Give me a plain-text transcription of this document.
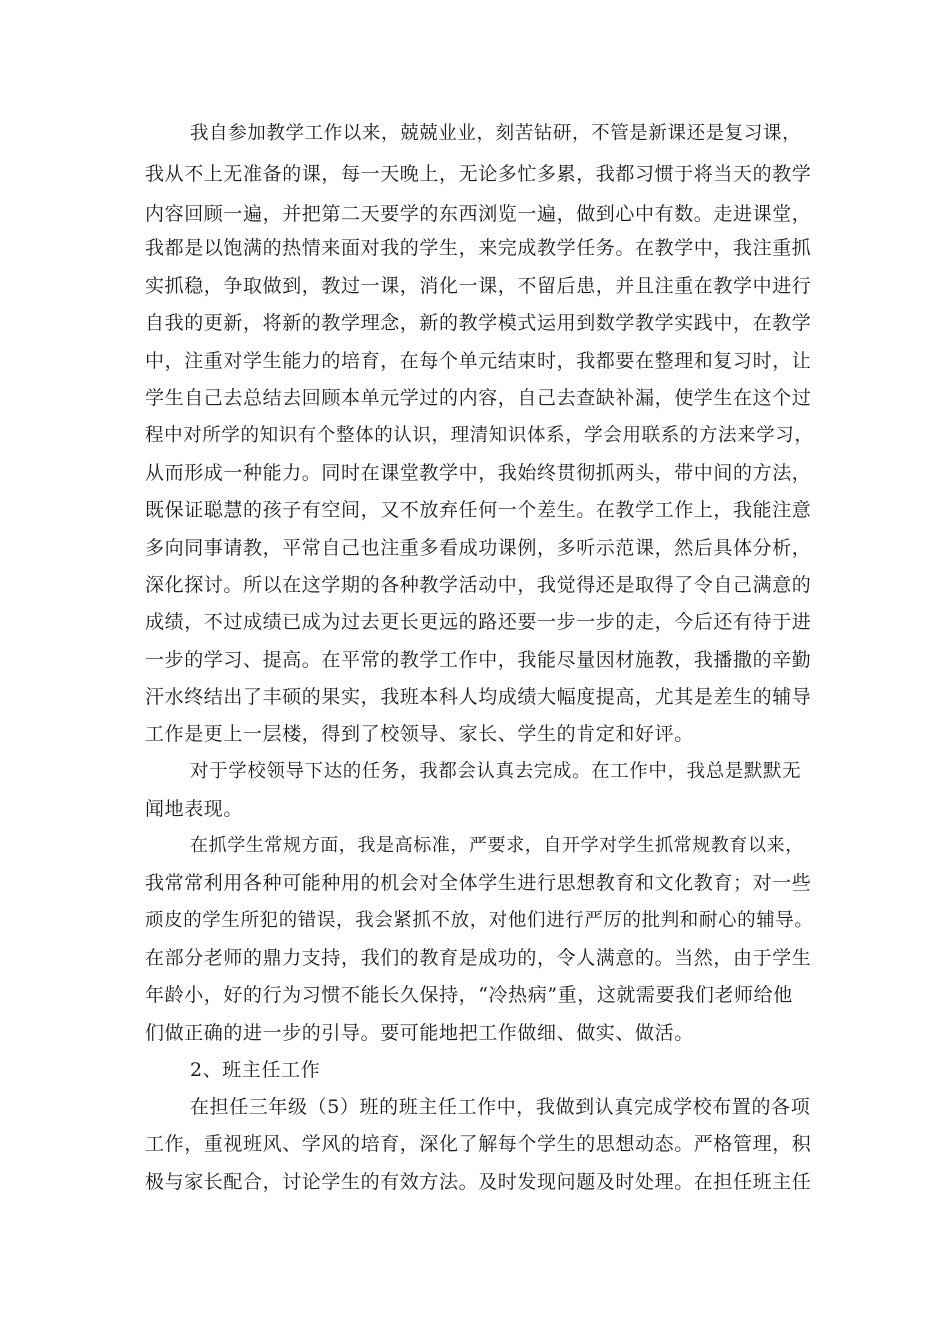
我自参加教学工作以来，兢兢业业，刻苦钻研，不管是新课还是复习课，
我从不上无准备的课，每一天晚上，无论多忙多累，我都习惯于将当天的教学
内容回顾一遍，并把第二天要学的东西浏览一遍，做到心中有数。走进课堂，
我都是以饱满的热情来面对我的学生，来完成教学任务。在教学中，我注重抓
实抓稳，争取做到，教过一课，消化一课，不留后患，并且注重在教学中进行
自我的更新，将新的教学理念，新的教学模式运用到数学教学实践中，在教学
中，注重对学生能力的培育，在每个单元结束时，我都要在整理和复习时，让
学生自己去总结去回顾本单元学过的内容，自己去查缺补漏，使学生在这个过
程中对所学的知识有个整体的认识，理清知识体系，学会用联系的方法来学习，
从而形成一种能力。同时在课堂教学中，我始终贯彻抓两头，带中间的方法，
既保证聪慧的孩子有空间，又不放弃任何一个差生。在教学工作上，我能注意
多向同事请教，平常自己也注重多看成功课例，多听示范课，然后具体分析，
深化探讨。所以在这学期的各种教学活动中，我觉得还是取得了令自己满意的
成绩，不过成绩已成为过去更长更远的路还要一步一步的走，今后还有待于进
一步的学习、提高。在平常的教学工作中，我能尽量因材施教，我播撒的辛勤
汗水终结出了丰硕的果实，我班本科人均成绩大幅度提高，尤其是差生的辅导
工作是更上一层楼，得到了校领导、家长、学生的肯定和好评。
对于学校领导下达的任务，我都会认真去完成。在工作中，我总是默默无
闻地表现。
在抓学生常规方面，我是高标准，严要求，自开学对学生抓常规教育以来，
我常常利用各种可能种用的机会对全体学生进行思想教育和文化教育；对一些
顽皮的学生所犯的错误，我会紧抓不放，对他们进行严厉的批判和耐心的辅导。
在部分老师的鼎力支持，我们的教育是成功的，令人满意的。当然，由于学生
年龄小，好的行为习惯不能长久保持，“冷热病”重，这就需要我们老师给他
们做正确的进一步的引导。要可能地把工作做细、做实、做活。
2、班主任工作
在担任三年级（5）班的班主任工作中，我做到认真完成学校布置的各项
工作，重视班风、学风的培育，深化了解每个学生的思想动态。严格管理，积
极与家长配合，讨论学生的有效方法。及时发现问题及时处理。在担任班主任
